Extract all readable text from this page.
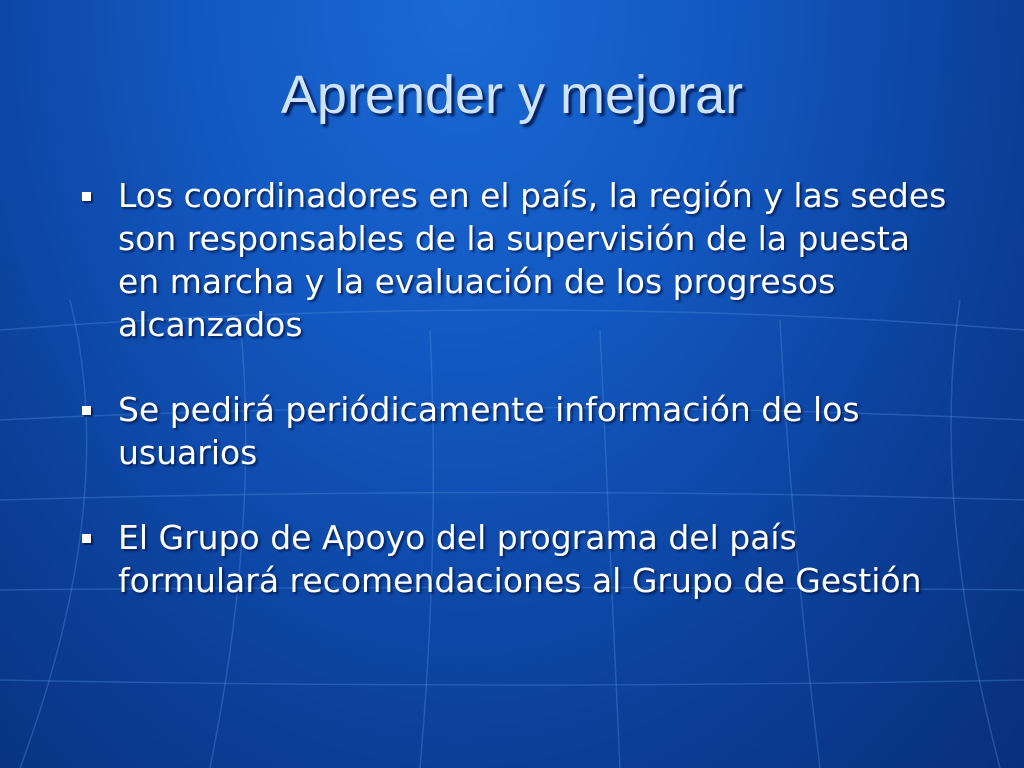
Aprender y mejorar
Los coordinadores en el país, la región y las sedes son responsables de la supervisión de la puesta en marcha y la evaluación de los progresos alcanzados
Se pedirá periódicamente información de los usuarios
El Grupo de Apoyo del programa del país formulará recomendaciones al Grupo de Gestión
